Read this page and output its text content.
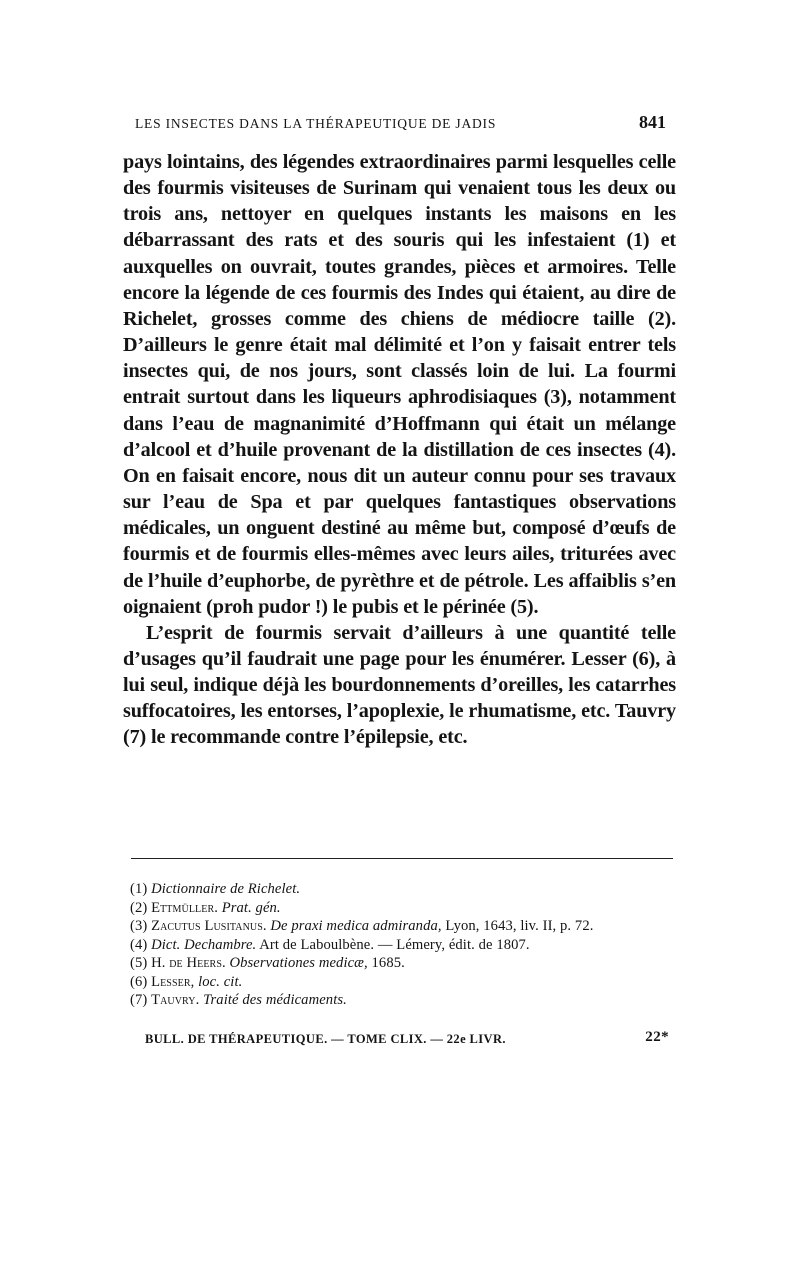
LES INSECTES DANS LA THÉRAPEUTIQUE DE JADIS	841

pays lointains, des légendes extraordinaires parmi lesquelles celle des fourmis visiteuses de Surinam qui venaient tous les deux ou trois ans, nettoyer en quelques instants les maisons en les débarrassant des rats et des souris qui les infestaient (1) et auxquelles on ouvrait, toutes grandes, pièces et armoires. Telle encore la légende de ces fourmis des Indes qui étaient, au dire de Richelet, grosses comme des chiens de médiocre taille (2). D’ailleurs le genre était mal délimité et l’on y faisait entrer tels insectes qui, de nos jours, sont classés loin de lui. La fourmi entrait surtout dans les liqueurs aphrodisiaques (3), notamment dans l’eau de magnanimité d’Hoffmann qui était un mélange d’alcool et d’huile provenant de la distillation de ces insectes (4). On en faisait encore, nous dit un auteur connu pour ses travaux sur l’eau de Spa et par quelques fantastiques observations médicales, un onguent destiné au même but, composé d’œufs de fourmis et de fourmis elles-mêmes avec leurs ailes, triturées avec de l’huile d’euphorbe, de pyrèthre et de pétrole. Les affaiblis s’en oignaient (proh pudor !) le pubis et le périnée (5).

L’esprit de fourmis servait d’ailleurs à une quantité telle d’usages qu’il faudrait une page pour les énumérer. Lesser (6), à lui seul, indique déjà les bourdonnements d’oreilles, les catarrhes suffocatoires, les entorses, l’apoplexie, le rhumatisme, etc. Tauvry (7) le recommande contre l’épilepsie, etc.

(1) Dictionnaire de Richelet.

(2) Ettmüller. Prat. gén.

(3) Zacutus Lusitanus. De praxi medica admiranda, Lyon, 1643, liv. II, p. 72.

(4) Dict. Dechambre. Art de Laboulbène. — Lémery, édit. de 1807.

(5) H. de Heers. Observationes medicæ, 1685.

(6) Lesser, loc. cit.

(7) Tauvry. Traité des médicaments.

BULL. DE THÉRAPEUTIQUE. — TOME CLIX. — 22e LIVR.	22*
